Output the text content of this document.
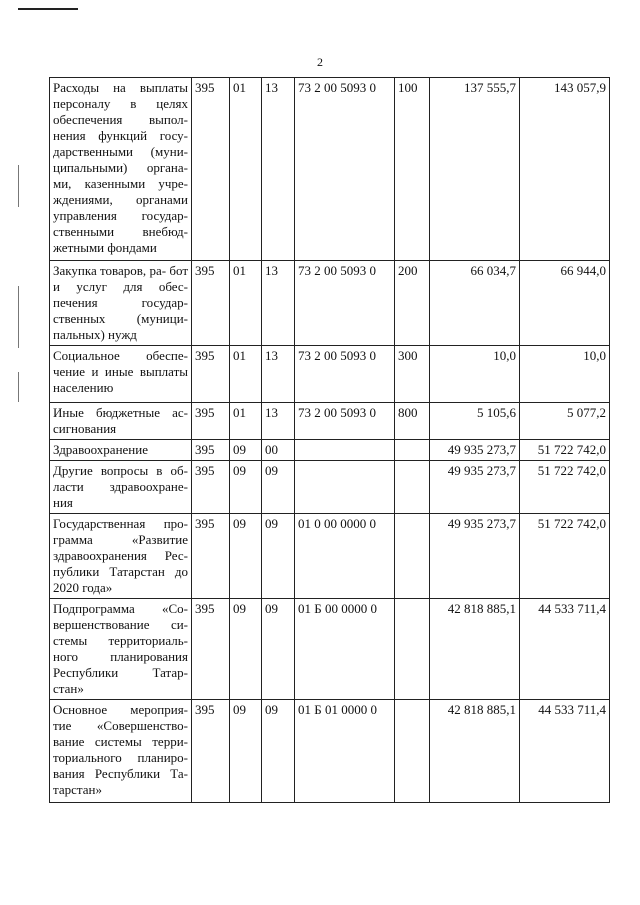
2
Расходы на выплаты персоналу в целях обеспечения выпол- нения функций госу- дарственными (муни- ципальными) органа- ми, казенными учре- ждениями, органами управления государ- ственными внебюд- жетными фондами	395	01	13	73 2 00 5093 0	100	137 555,7	143 057,9
Закупка товаров, ра- бот и услуг для обес- печения государ- ственных (муници- пальных) нужд	395	01	13	73 2 00 5093 0	200	66 034,7	66 944,0
Социальное обеспе- чение и иные выплаты населению	395	01	13	73 2 00 5093 0	300	10,0	10,0
Иные бюджетные ас- сигнования	395	01	13	73 2 00 5093 0	800	5 105,6	5 077,2
Здравоохранение	395	09	00			49 935 273,7	51 722 742,0
Другие вопросы в об- ласти здравоохране- ния	395	09	09			49 935 273,7	51 722 742,0
Государственная про- грамма «Развитие здравоохранения Рес- публики Татарстан до 2020 года»	395	09	09	01 0 00 0000 0		49 935 273,7	51 722 742,0
Подпрограмма «Со- вершенствование си- стемы территориаль- ного планирования Республики Татар- стан»	395	09	09	01 Б 00 0000 0		42 818 885,1	44 533 711,4
Основное мероприя- тие «Совершенство- вание системы терри- ториального планиро- вания Республики Та- тарстан»	395	09	09	01 Б 01 0000 0		42 818 885,1	44 533 711,4
